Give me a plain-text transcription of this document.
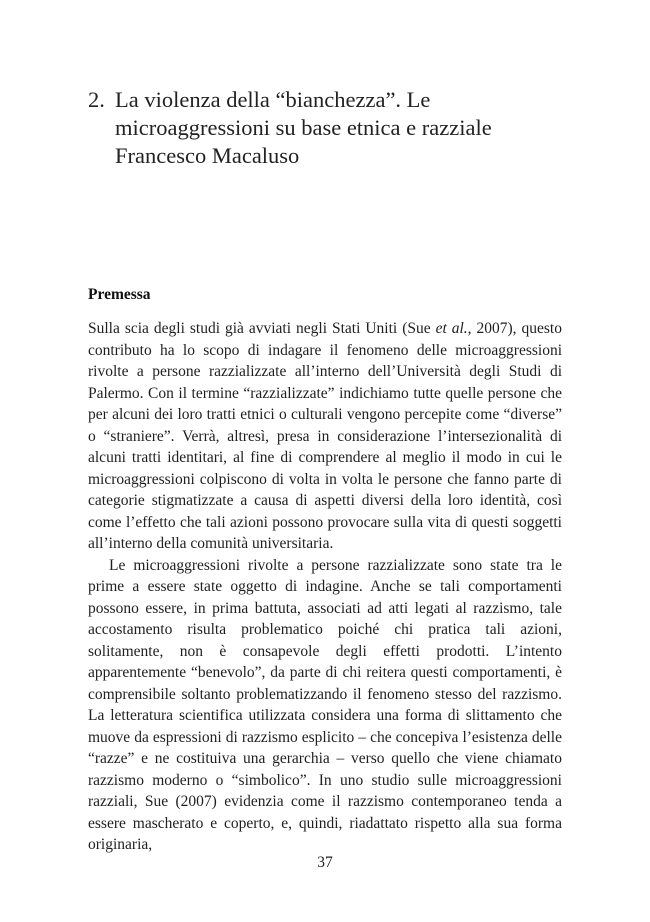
2. La violenza della “bianchezza”. Le
microaggressioni su base etnica e razziale
Francesco Macaluso
Premessa

Sulla scia degli studi già avviati negli Stati Uniti (Sue et al., 2007), questo contributo ha lo scopo di indagare il fenomeno delle microaggressioni rivolte a persone razzializzate all’interno dell’Università degli Studi di Palermo. Con il termine “razzializzate” indichiamo tutte quelle persone che per alcuni dei loro tratti etnici o culturali vengono percepite come “diverse” o “straniere”. Verrà, altresì, presa in considerazione l’intersezionalità di alcuni tratti identitari, al fine di comprendere al meglio il modo in cui le microaggressioni colpiscono di volta in volta le persone che fanno parte di categorie stigmatizzate a causa di aspetti diversi della loro identità, così come l’effetto che tali azioni possono provocare sulla vita di questi soggetti all’interno della comunità universitaria.

Le microaggressioni rivolte a persone razzializzate sono state tra le prime a essere state oggetto di indagine. Anche se tali comportamenti possono essere, in prima battuta, associati ad atti legati al razzismo, tale accostamento risulta problematico poiché chi pratica tali azioni, solitamente, non è consapevole degli effetti prodotti. L’intento apparentemente “benevolo”, da parte di chi reitera questi comportamenti, è comprensibile soltanto problematizzando il fenomeno stesso del razzismo. La letteratura scientifica utilizzata considera una forma di slittamento che muove da espressioni di razzismo esplicito – che concepiva l’esistenza delle “razze” e ne costituiva una gerarchia – verso quello che viene chiamato razzismo moderno o “simbolico”. In uno studio sulle microaggressioni razziali, Sue (2007) evidenzia come il razzismo contemporaneo tenda a essere mascherato e coperto, e, quindi, riadattato rispetto alla sua forma originaria,

37
